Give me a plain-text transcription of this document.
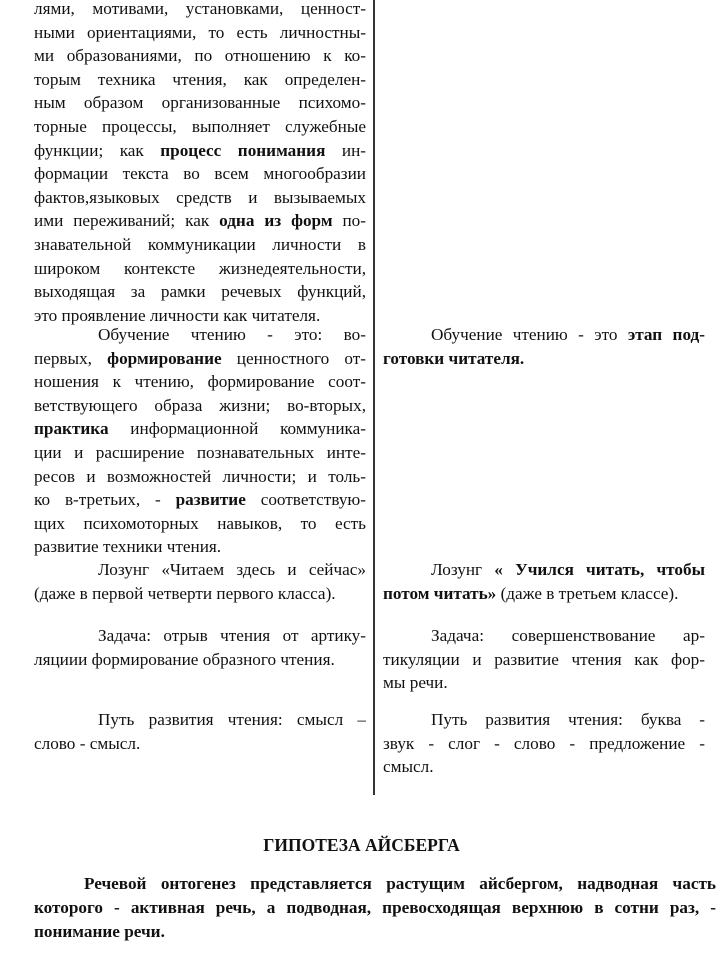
лями, мотивами, установками, ценност-
ными ориентациями, то есть личностны-
ми образованиями, по отношению к ко-
торым техника чтения, как определен-
ным образом организованные психомо-
торные процессы, выполняет служебные
функции; как процесс понимания ин-
формации текста во всем многообразии
фактов,языковых средств и вызываемых
ими переживаний; как одна из форм по-
знавательной коммуникации личности в
широком контексте жизнедеятельности,
выходящая за рамки речевых функций,
это проявление личности как читателя.
Обучение чтению - это: во-
первых, формирование ценностного от-
ношения к чтению, формирование соот-
ветствующего образа жизни; во-вторых,
практика информационной коммуника-
ции и расширение познавательных инте-
ресов и возможностей личности; и толь-
ко в-третьих, - развитие соответствую-
щих психомоторных навыков, то есть
развитие техники чтения.
Лозунг «Читаем здесь и сейчас»
(даже в первой четверти первого класса).
Задача: отрыв чтения от артику-
ляциии формирование образного чтения.
Путь развития чтения: смысл –
слово - смысл.
Обучение чтению - это этап под-
готовки читателя.
Лозунг « Учился читать, чтобы
потом читать» (даже в третьем классе).
Задача: совершенствование ар-
тикуляции и развитие чтения как фор-
мы речи.
Путь развития чтения: буква -
звук - слог - слово - предложение -
смысл.
ГИПОТЕЗА АЙСБЕРГА
Речевой онтогенез представляется растущим айсбергом, надводная часть
которого - активная речь, а подводная, превосходящая верхнюю в сотни раз, -
понимание речи.
